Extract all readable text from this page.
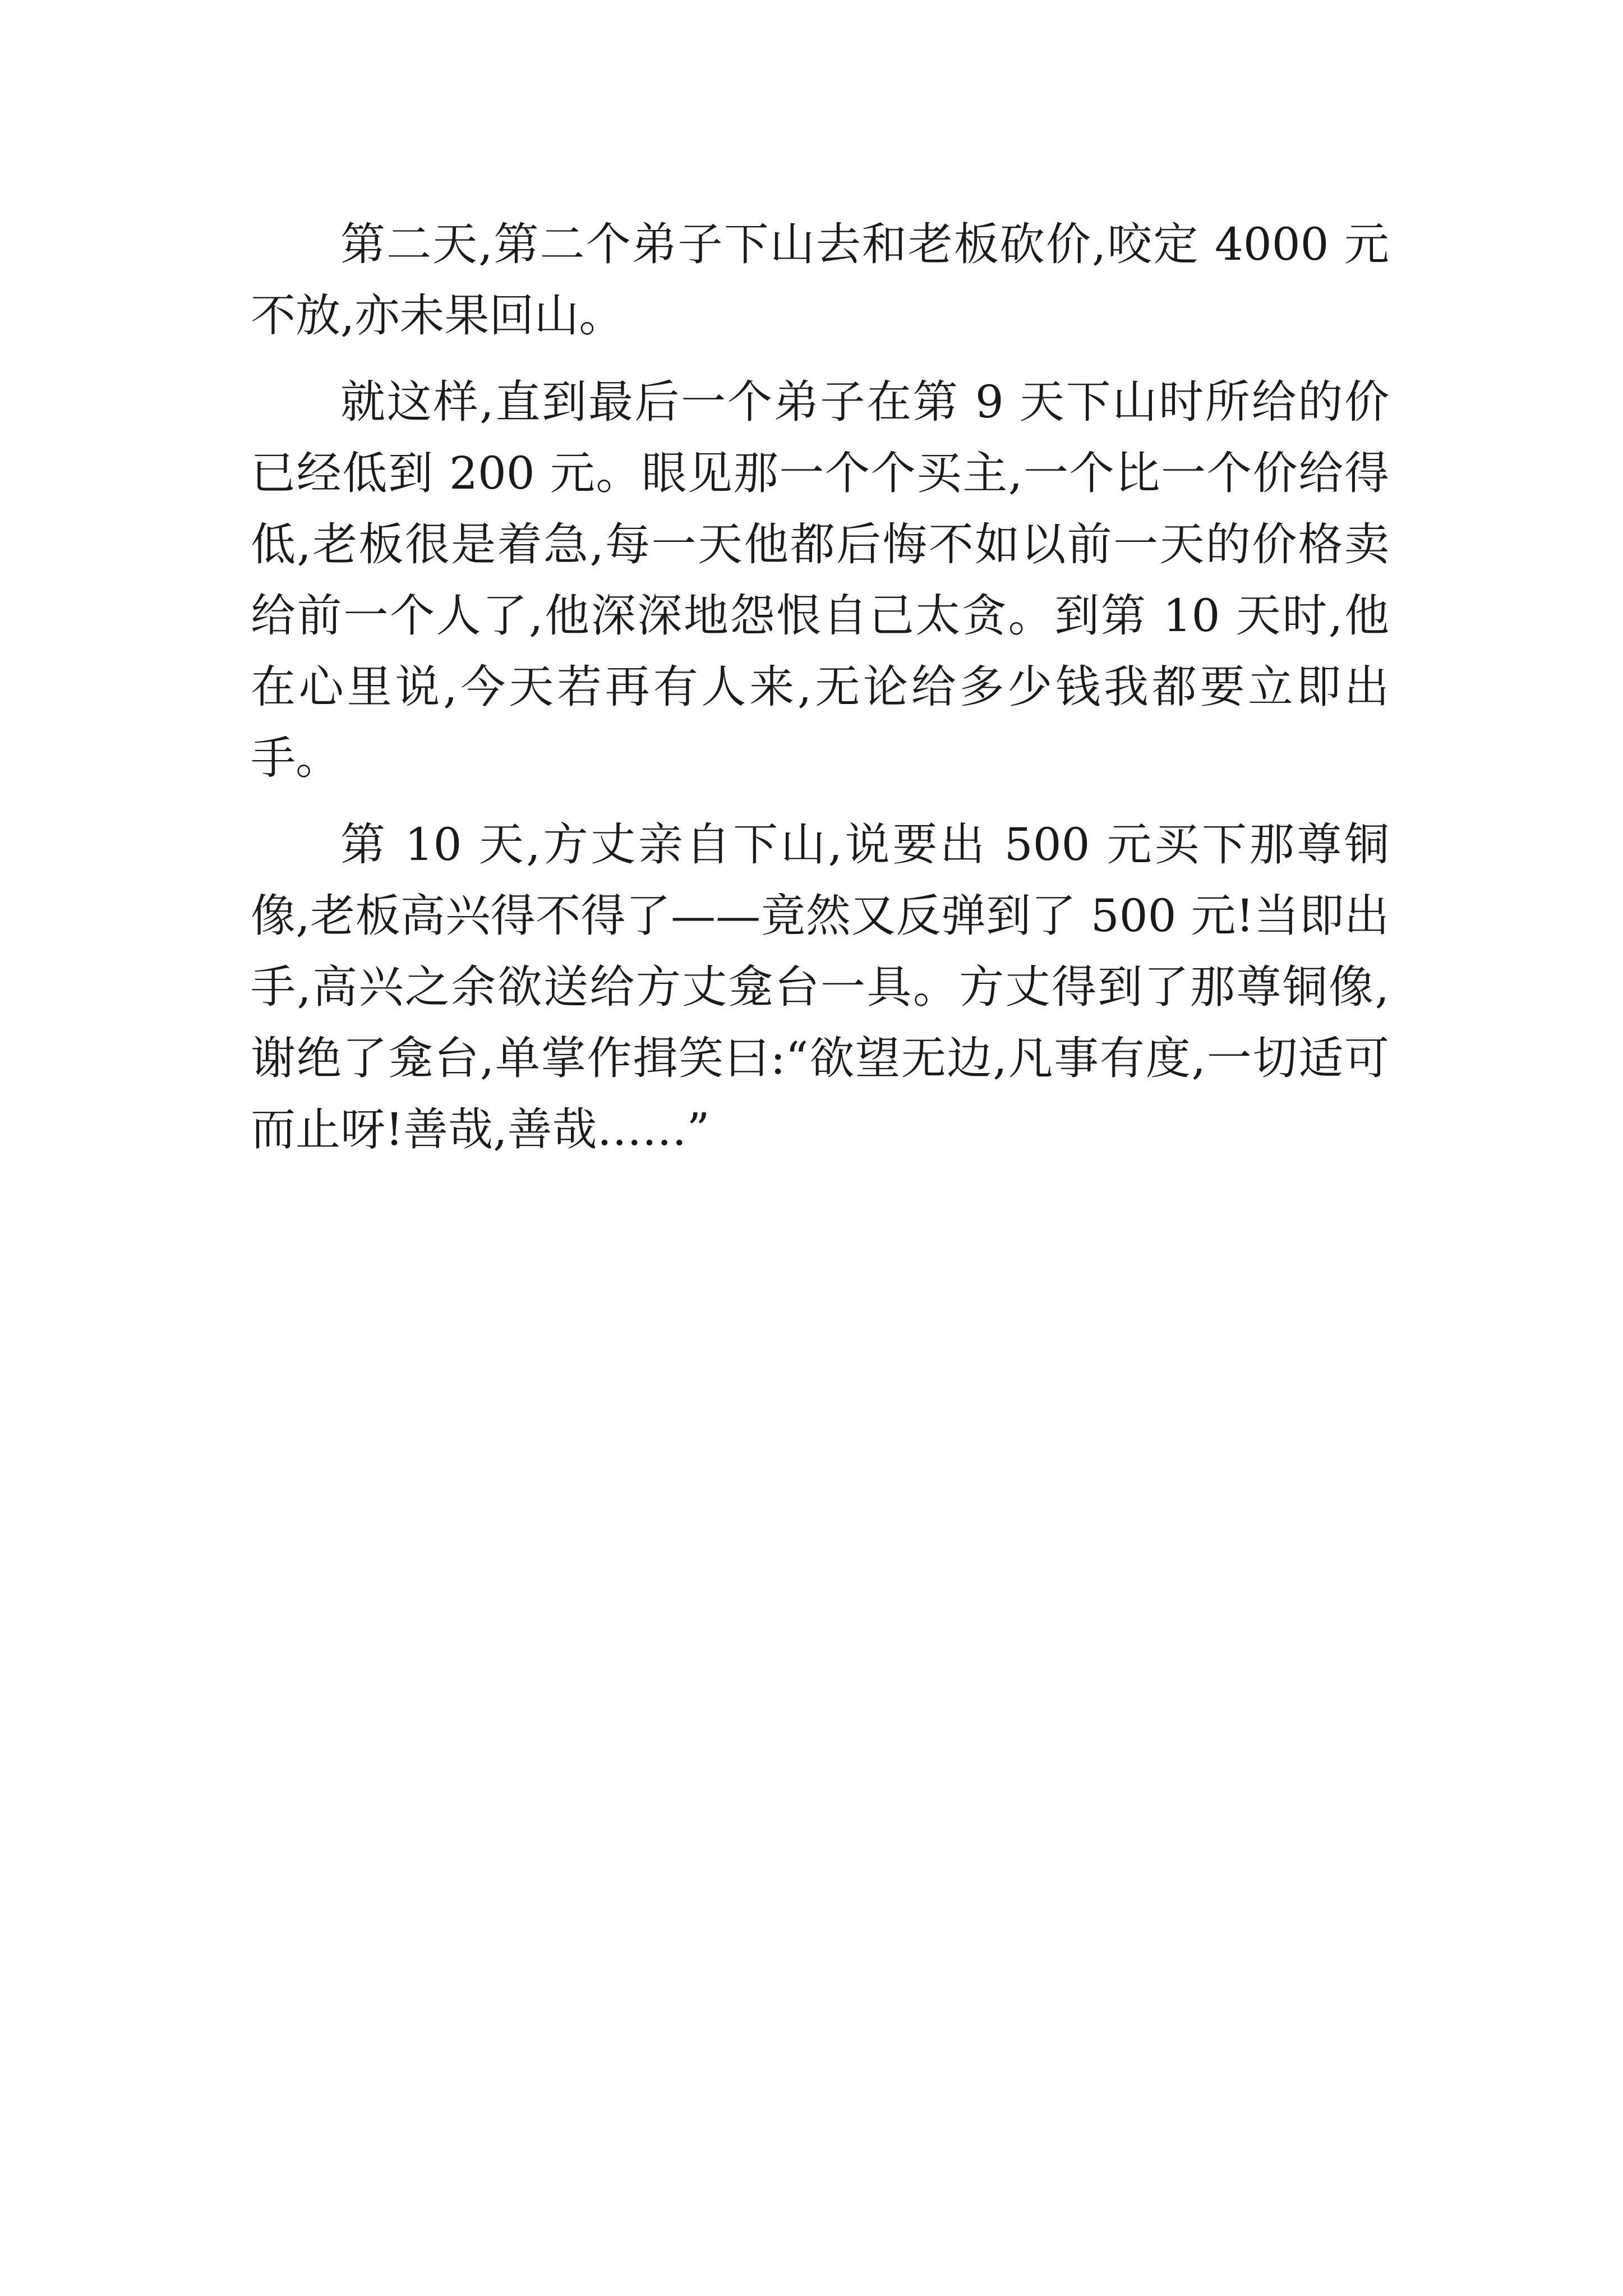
第二天,第二个弟子下山去和老板砍价,咬定 4000 元不放,亦未果回山。

就这样,直到最后一个弟子在第 9 天下山时所给的价已经低到 200 元。眼见那一个个买主,一个比一个价给得低,老板很是着急,每一天他都后悔不如以前一天的价格卖给前一个人了,他深深地怨恨自己太贪。到第 10 天时,他在心里说,今天若再有人来,无论给多少钱我都要立即出手。

第 10 天,方丈亲自下山,说要出 500 元买下那尊铜像,老板高兴得不得了——竟然又反弹到了 500 元!当即出手,高兴之余欲送给方丈龛台一具。方丈得到了那尊铜像,谢绝了龛台,单掌作揖笑曰:“欲望无边,凡事有度,一切适可而止呀!善哉,善哉……”
